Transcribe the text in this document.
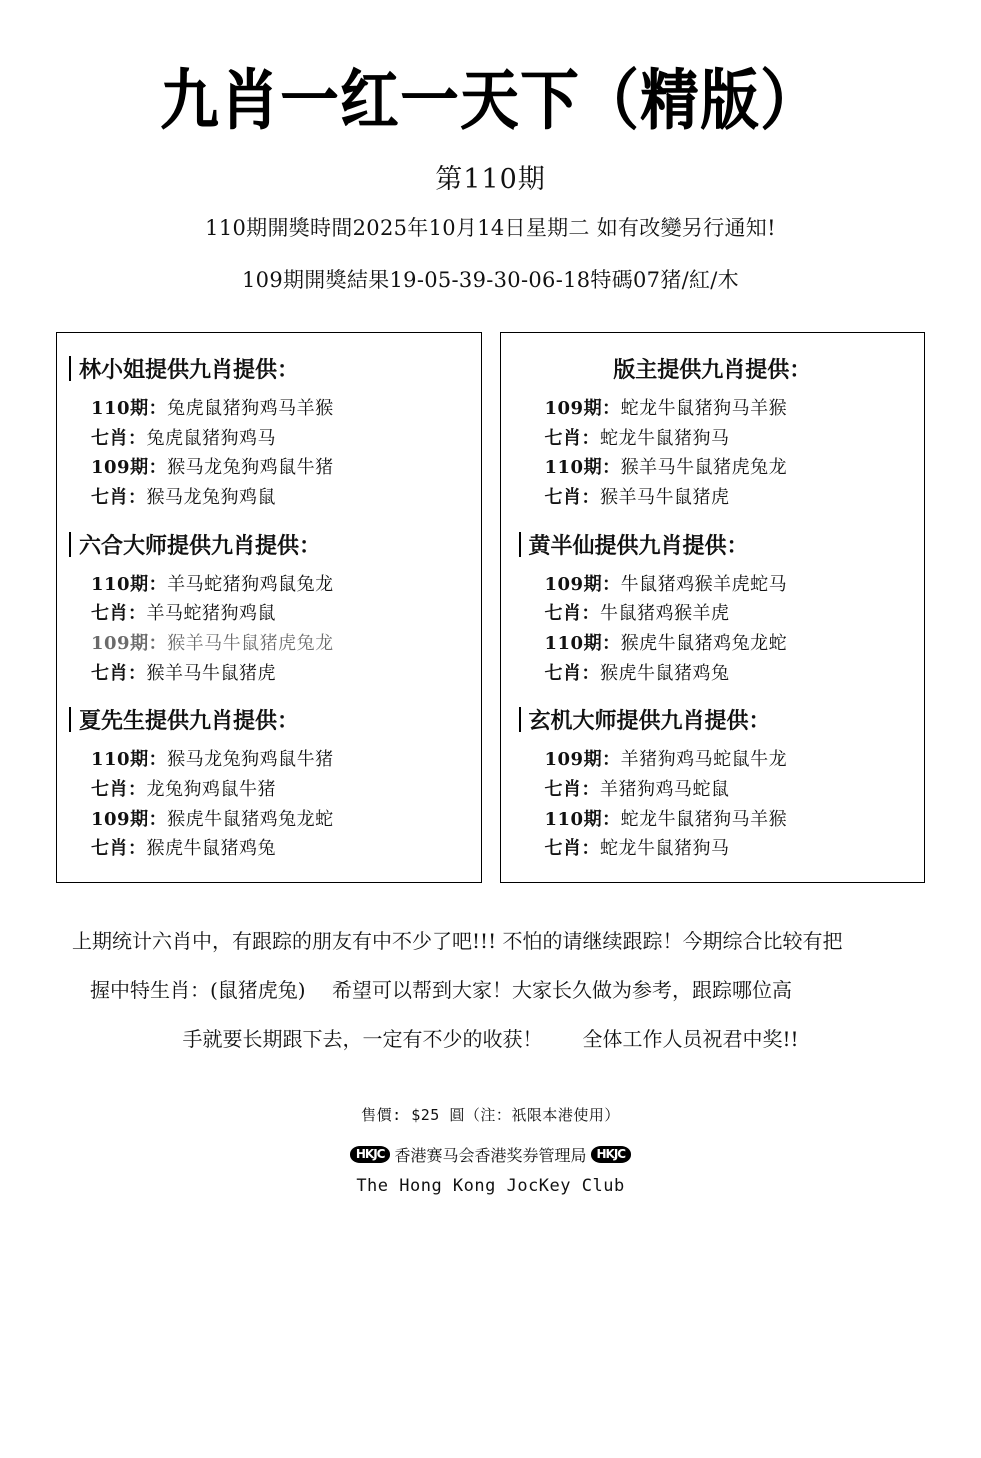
九肖一红一天下（精版）
第110期
110期開獎時間2025年10月14日星期二 如有改變另行通知!
109期開獎結果19-05-39-30-06-18特碼07猪/紅/木
林小姐提供九肖提供：
110期：兔虎鼠猪狗鸡马羊猴
七肖：兔虎鼠猪狗鸡马
109期：猴马龙兔狗鸡鼠牛猪
七肖：猴马龙兔狗鸡鼠
六合大师提供九肖提供：
110期：羊马蛇猪狗鸡鼠兔龙
七肖：羊马蛇猪狗鸡鼠
109期：猴羊马牛鼠猪虎兔龙
七肖：猴羊马牛鼠猪虎
夏先生提供九肖提供：
110期：猴马龙兔狗鸡鼠牛猪
七肖：龙兔狗鸡鼠牛猪
109期：猴虎牛鼠猪鸡兔龙蛇
七肖：猴虎牛鼠猪鸡兔
版主提供九肖提供：
109期：蛇龙牛鼠猪狗马羊猴
七肖：蛇龙牛鼠猪狗马
110期：猴羊马牛鼠猪虎兔龙
七肖：猴羊马牛鼠猪虎
黄半仙提供九肖提供：
109期：牛鼠猪鸡猴羊虎蛇马
七肖：牛鼠猪鸡猴羊虎
110期：猴虎牛鼠猪鸡兔龙蛇
七肖：猴虎牛鼠猪鸡兔
玄机大师提供九肖提供：
109期：羊猪狗鸡马蛇鼠牛龙
七肖：羊猪狗鸡马蛇鼠
110期：蛇龙牛鼠猪狗马羊猴
七肖：蛇龙牛鼠猪狗马
上期统计六肖中，有跟踪的朋友有中不少了吧!!! 不怕的请继续跟踪！今期综合比较有把
握中特生肖：(鼠猪虎兔)　 希望可以帮到大家！大家长久做为参考，跟踪哪位高
手就要长期跟下去，一定有不少的收获！　　全体工作人员祝君中奖!!
售價: $25 圓（注：祇限本港使用）
HKJC 香港赛马会香港奖券管理局 HKJC
The Hong Kong JocKey Club
